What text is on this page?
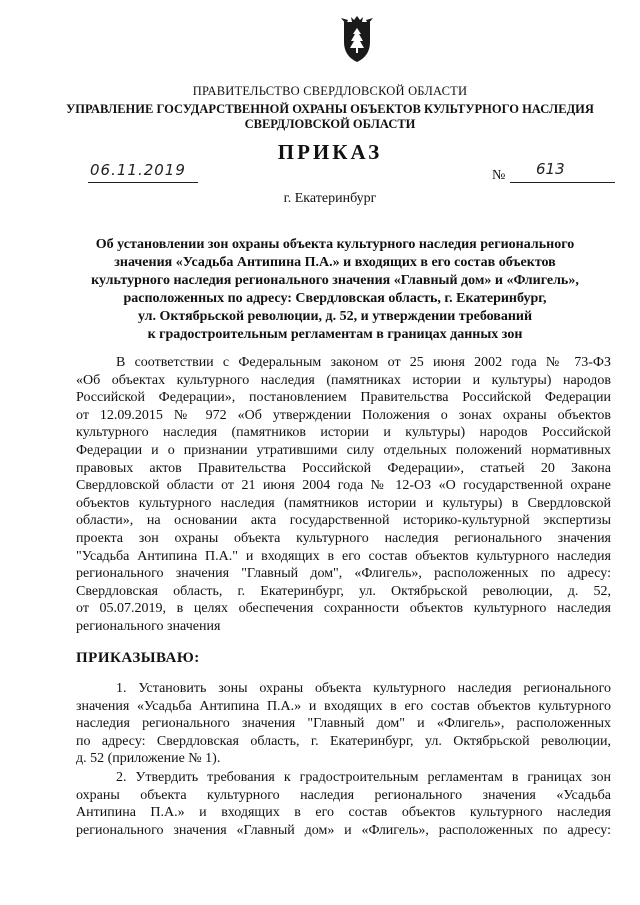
ПРАВИТЕЛЬСТВО СВЕРДЛОВСКОЙ ОБЛАСТИ
УПРАВЛЕНИЕ ГОСУДАРСТВЕННОЙ ОХРАНЫ ОБЪЕКТОВ КУЛЬТУРНОГО НАСЛЕДИЯ
СВЕРДЛОВСКОЙ ОБЛАСТИ
ПРИКАЗ
06.11.2019	№ 613
г. Екатеринбург
Об установлении зон охраны объекта культурного наследия регионального
значения «Усадьба Антипина П.А.» и входящих в его состав объектов
культурного наследия регионального значения «Главный дом» и «Флигель»,
расположенных по адресу: Свердловская область, г. Екатеринбург,
ул. Октябрьской революции, д. 52, и утверждении требований
к градостроительным регламентам в границах данных зон
В соответствии с Федеральным законом от 25 июня 2002 года № 73-ФЗ
«Об объектах культурного наследия (памятниках истории и культуры) народов
Российской Федерации», постановлением Правительства Российской Федерации
от 12.09.2015 № 972 «Об утверждении Положения о зонах охраны объектов
культурного наследия (памятников истории и культуры) народов Российской
Федерации и о признании утратившими силу отдельных положений нормативных
правовых актов Правительства Российской Федерации», статьей 20 Закона
Свердловской области от 21 июня 2004 года № 12-ОЗ «О государственной охране
объектов культурного наследия (памятников истории и культуры) в Свердловской
области», на основании акта государственной историко-культурной экспертизы
проекта зон охраны объекта культурного наследия регионального значения
"Усадьба Антипина П.А." и входящих в его состав объектов культурного наследия
регионального значения "Главный дом", «Флигель», расположенных по адресу:
Свердловская область, г. Екатеринбург, ул. Октябрьской революции, д. 52,
от 05.07.2019, в целях обеспечения сохранности объектов культурного наследия
регионального значения
ПРИКАЗЫВАЮ:
1. Установить зоны охраны объекта культурного наследия регионального
значения «Усадьба Антипина П.А.» и входящих в его состав объектов культурного
наследия регионального значения "Главный дом" и «Флигель», расположенных
по адресу: Свердловская область, г. Екатеринбург, ул. Октябрьской революции,
д. 52 (приложение № 1).
2. Утвердить требования к градостроительным регламентам в границах зон
охраны объекта культурного наследия регионального значения «Усадьба
Антипина П.А.» и входящих в его состав объектов культурного наследия
регионального значения «Главный дом» и «Флигель», расположенных по адресу:
